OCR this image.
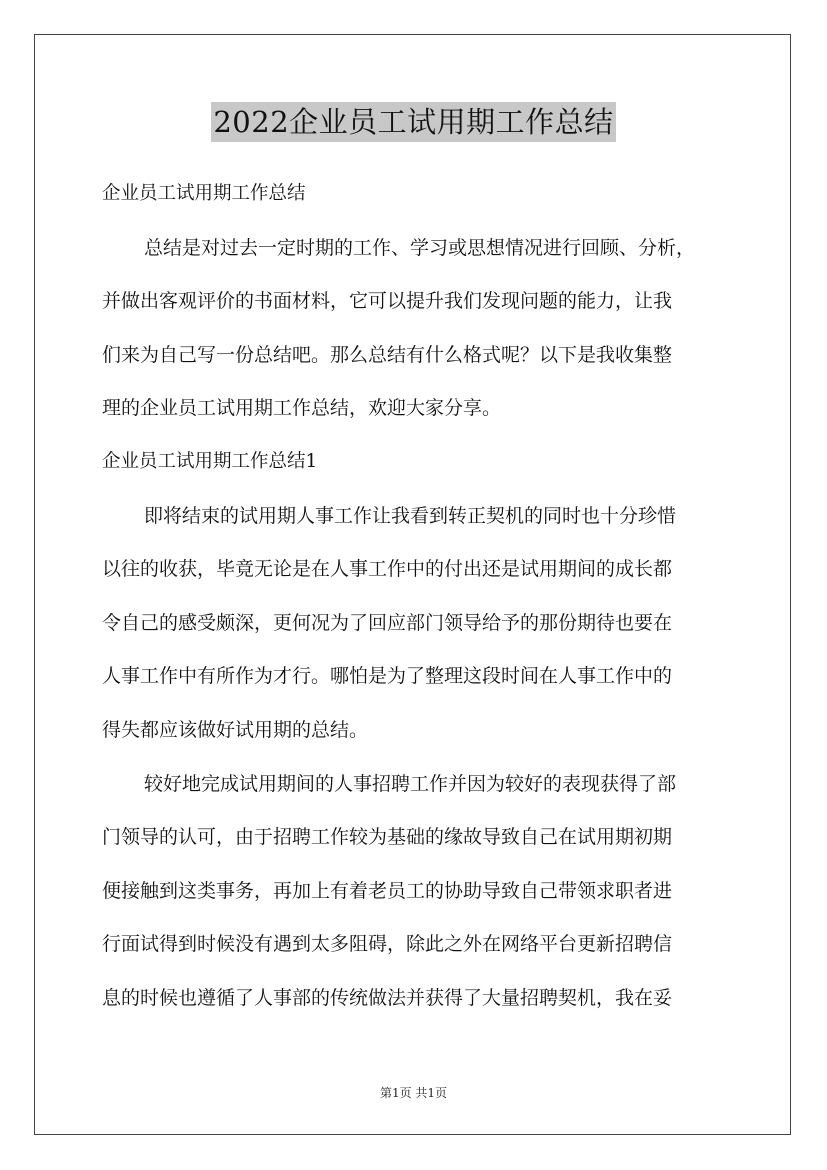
2022企业员工试用期工作总结
企业员工试用期工作总结
总结是对过去一定时期的工作、学习或思想情况进行回顾、分析，
并做出客观评价的书面材料，它可以提升我们发现问题的能力，让我
们来为自己写一份总结吧。那么总结有什么格式呢？以下是我收集整
理的企业员工试用期工作总结，欢迎大家分享。
企业员工试用期工作总结1
即将结束的试用期人事工作让我看到转正契机的同时也十分珍惜
以往的收获，毕竟无论是在人事工作中的付出还是试用期间的成长都
令自己的感受颇深，更何况为了回应部门领导给予的那份期待也要在
人事工作中有所作为才行。哪怕是为了整理这段时间在人事工作中的
得失都应该做好试用期的总结。
较好地完成试用期间的人事招聘工作并因为较好的表现获得了部
门领导的认可，由于招聘工作较为基础的缘故导致自己在试用期初期
便接触到这类事务，再加上有着老员工的协助导致自己带领求职者进
行面试得到时候没有遇到太多阻碍，除此之外在网络平台更新招聘信
息的时候也遵循了人事部的传统做法并获得了大量招聘契机，我在妥
第1页 共1页
